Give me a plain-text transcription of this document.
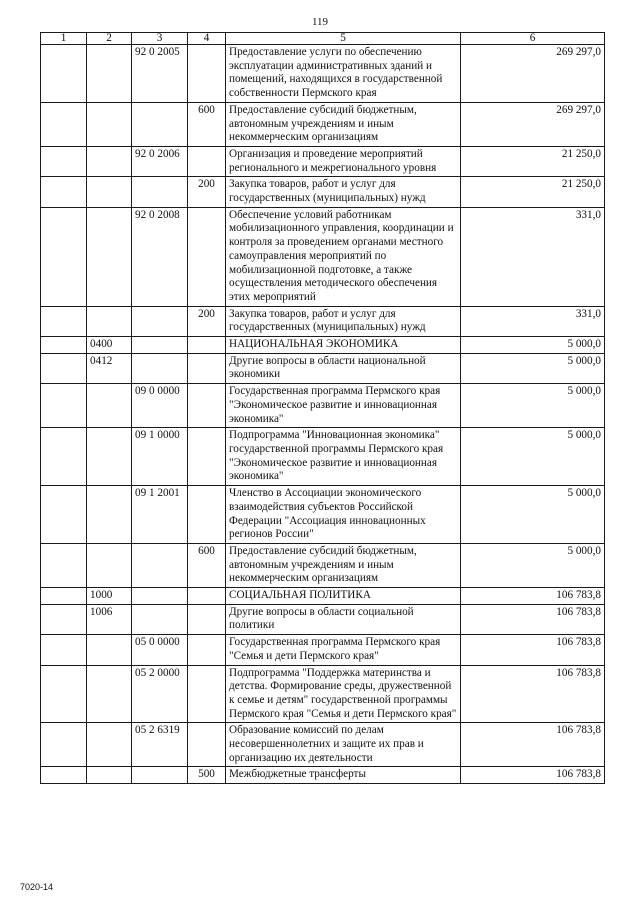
119
1	2	3	4	5	6
		92 0 2005		Предоставление услуги по обеспечению эксплуатации административных зданий и помещений, находящихся в государственной собственности Пермского края	269 297,0
			600	Предоставление субсидий бюджетным, автономным учреждениям и иным некоммерческим организациям	269 297,0
		92 0 2006		Организация и проведение мероприятий регионального и межрегионального уровня	21 250,0
			200	Закупка товаров, работ и услуг для государственных (муниципальных) нужд	21 250,0
		92 0 2008		Обеспечение условий работникам мобилизационного управления, координации и контроля за проведением органами местного самоуправления мероприятий по мобилизационной подготовке, а также осуществления методического обеспечения этих мероприятий	331,0
			200	Закупка товаров, работ и услуг для государственных (муниципальных) нужд	331,0
	0400			НАЦИОНАЛЬНАЯ ЭКОНОМИКА	5 000,0
	0412			Другие вопросы в области национальной экономики	5 000,0
		09 0 0000		Государственная программа Пермского края "Экономическое развитие и инновационная экономика"	5 000,0
		09 1 0000		Подпрограмма "Инновационная экономика" государственной программы Пермского края "Экономическое развитие и инновационная экономика"	5 000,0
		09 1 2001		Членство в Ассоциации экономического взаимодействия субъектов Российской Федерации "Ассоциация инновационных регионов России"	5 000,0
			600	Предоставление субсидий бюджетным, автономным учреждениям и иным некоммерческим организациям	5 000,0
	1000			СОЦИАЛЬНАЯ ПОЛИТИКА	106 783,8
	1006			Другие вопросы в области социальной политики	106 783,8
		05 0 0000		Государственная программа Пермского края "Семья и дети Пермского края"	106 783,8
		05 2 0000		Подпрограмма "Поддержка материнства и детства. Формирование среды, дружественной к семье и детям" государственной программы Пермского края "Семья и дети Пермского края"	106 783,8
		05 2 6319		Образование комиссий по делам несовершеннолетних и защите их прав и организацию их деятельности	106 783,8
			500	Межбюджетные трансферты	106 783,8
7020-14
